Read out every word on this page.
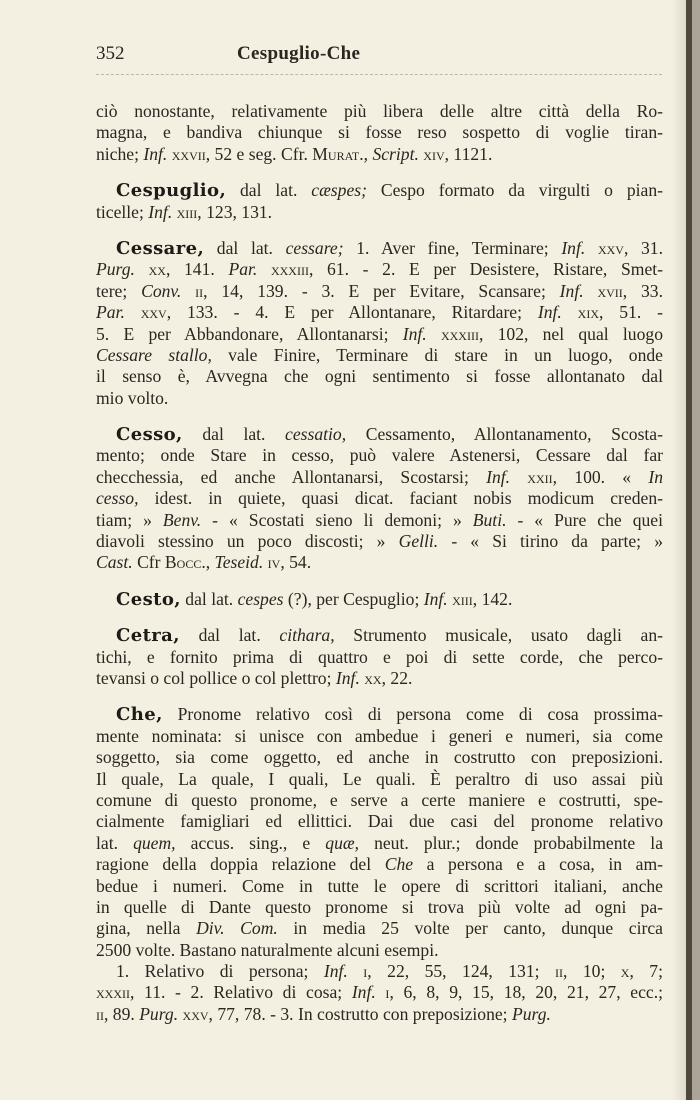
352	Cespuglio-Che
ciò nonostante, relativamente più libera delle altre città della Ro-
magna, e bandiva chiunque si fosse reso sospetto di voglie tiran-
niche; Inf. xxvii, 52 e seg. Cfr. Murat., Script. xiv, 1121.
Cespuglio, dal lat. cæspes; Cespo formato da virgulti o pian-
ticelle; Inf. xiii, 123, 131.
Cessare, dal lat. cessare; 1. Aver fine, Terminare; Inf. xxv, 31.
Purg. xx, 141. Par. xxxiii, 61. - 2. E per Desistere, Ristare, Smet-
tere; Conv. ii, 14, 139. - 3. E per Evitare, Scansare; Inf. xvii, 33.
Par. xxv, 133. - 4. E per Allontanare, Ritardare; Inf. xix, 51. -
5. E per Abbandonare, Allontanarsi; Inf. xxxiii, 102, nel qual luogo
Cessare stallo, vale Finire, Terminare di stare in un luogo, onde
il senso è, Avvegna che ogni sentimento si fosse allontanato dal
mio volto.
Cesso, dal lat. cessatio, Cessamento, Allontanamento, Scosta-
mento; onde Stare in cesso, può valere Astenersi, Cessare dal far
checchessia, ed anche Allontanarsi, Scostarsi; Inf. xxii, 100. « In
cesso, idest. in quiete, quasi dicat. faciant nobis modicum creden-
tiam; » Benv. - « Scostati sieno li demoni; » Buti. - « Pure che quei
diavoli stessino un poco discosti; » Gelli. - « Si tirino da parte; »
Cast. Cfr Bocc., Teseid. iv, 54.
Cesto, dal lat. cespes (?), per Cespuglio; Inf. xiii, 142.
Cetra, dal lat. cithara, Strumento musicale, usato dagli an-
tichi, e fornito prima di quattro e poi di sette corde, che perco-
tevansi o col pollice o col plettro; Inf. xx, 22.
Che, Pronome relativo così di persona come di cosa prossima-
mente nominata: si unisce con ambedue i generi e numeri, sia come
soggetto, sia come oggetto, ed anche in costrutto con preposizioni.
Il quale, La quale, I quali, Le quali. È peraltro di uso assai più
comune di questo pronome, e serve a certe maniere e costrutti, spe-
cialmente famigliari ed ellittici. Dai due casi del pronome relativo
lat. quem, accus. sing., e quæ, neut. plur.; donde probabilmente la
ragione della doppia relazione del Che a persona e a cosa, in am-
bedue i numeri. Come in tutte le opere di scrittori italiani, anche
in quelle di Dante questo pronome si trova più volte ad ogni pa-
gina, nella Div. Com. in media 25 volte per canto, dunque circa
2500 volte. Bastano naturalmente alcuni esempi.
1. Relativo di persona; Inf. i, 22, 55, 124, 131; ii, 10; x, 7;
xxxii, 11. - 2. Relativo di cosa; Inf. i, 6, 8, 9, 15, 18, 20, 21, 27, ecc.;
ii, 89. Purg. xxv, 77, 78. - 3. In costrutto con preposizione; Purg.
